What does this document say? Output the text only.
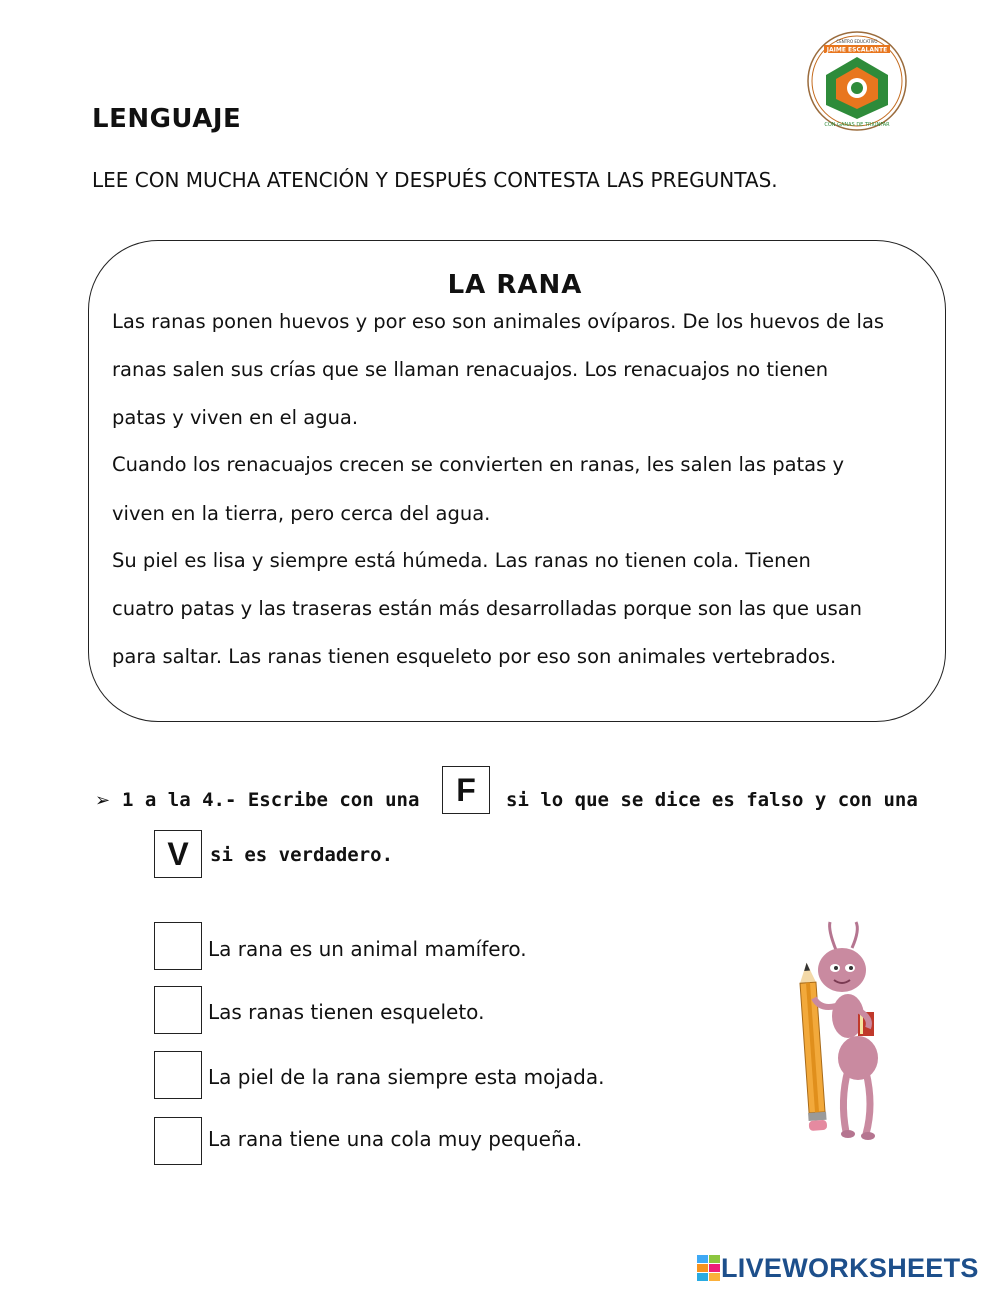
LENGUAJE
LEE CON MUCHA ATENCIÓN Y DESPUÉS CONTESTA LAS PREGUNTAS.
CENTRO EDUCATIVO
JAIME ESCALANTE
CON GANAS DE TRIUNFAR
LA RANA
Las ranas ponen huevos y por eso son animales ovíparos. De los huevos de las
ranas salen sus crías que se llaman renacuajos. Los renacuajos no tienen
patas y viven en el agua.
Cuando los renacuajos crecen se convierten en ranas, les salen las patas y
viven en la tierra, pero cerca del agua.
Su piel es lisa y siempre está húmeda. Las ranas no tienen cola. Tienen
cuatro patas y las traseras están más desarrolladas porque son las que usan
para saltar. Las ranas tienen esqueleto por eso son animales vertebrados.
➢ 1 a la 4.- Escribe con una	F	si lo que se dice es falso y con una
V	si es verdadero.
La rana es un animal mamífero.
Las ranas tienen esqueleto.
La piel de la rana siempre esta mojada.
La rana tiene una cola muy pequeña.
LIVEWORKSHEETS
